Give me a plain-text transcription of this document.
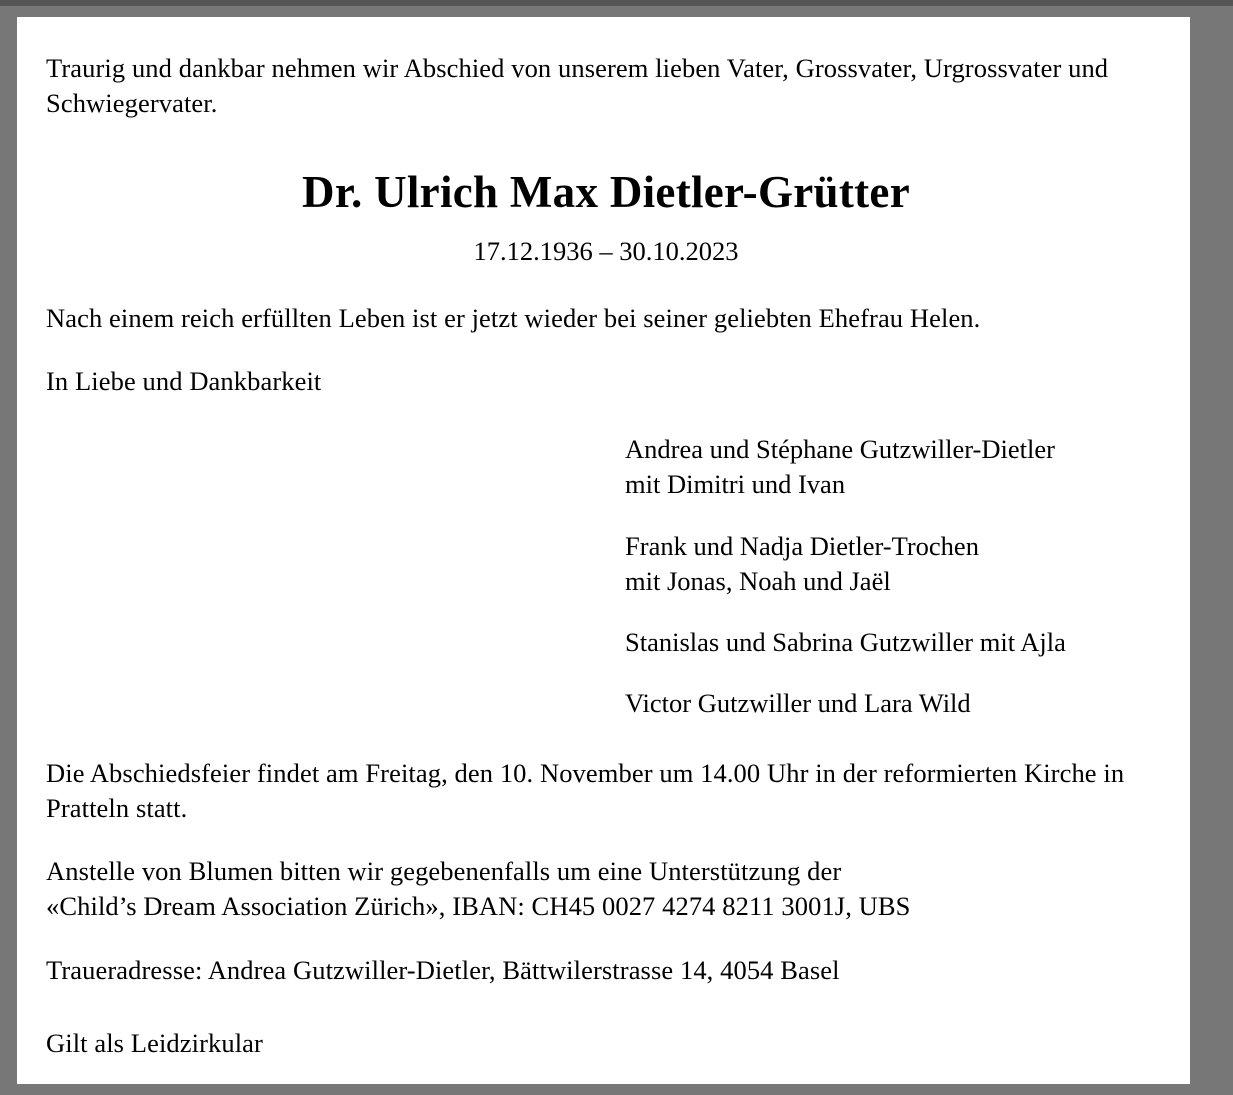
Traurig und dankbar nehmen wir Abschied von unserem lieben Vater, Grossvater, Urgrossvater und Schwiegervater.

Dr. Ulrich Max Dietler-Grütter
17.12.1936 – 30.10.2023

Nach einem reich erfüllten Leben ist er jetzt wieder bei seiner geliebten Ehefrau Helen.

In Liebe und Dankbarkeit

Andrea und Stéphane Gutzwiller-Dietler
mit Dimitri und Ivan
Frank und Nadja Dietler-Trochen
mit Jonas, Noah und Jaël
Stanislas und Sabrina Gutzwiller mit Ajla
Victor Gutzwiller und Lara Wild

Die Abschiedsfeier findet am Freitag, den 10. November um 14.00 Uhr in der reformierten Kirche in Pratteln statt.

Anstelle von Blumen bitten wir gegebenenfalls um eine Unterstützung der
«Child’s Dream Association Zürich», IBAN: CH45 0027 4274 8211 3001J, UBS

Traueradresse: Andrea Gutzwiller-Dietler, Bättwilerstrasse 14, 4054 Basel

Gilt als Leidzirkular
